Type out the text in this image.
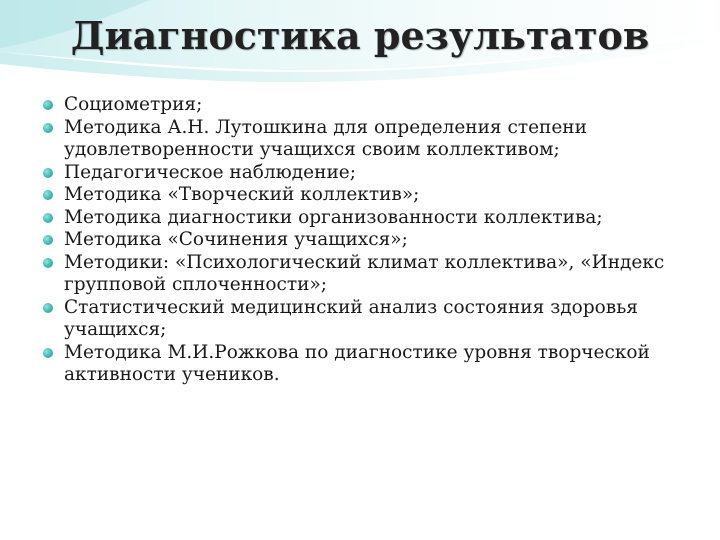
Диагностика результатов
Социометрия;
Методика А.Н. Лутошкина для определения степени удовлетворенности учащихся своим коллективом;
Педагогическое наблюдение;
Методика «Творческий коллектив»;
Методика диагностики организованности коллектива;
Методика «Сочинения учащихся»;
Методики: «Психологический климат коллектива», «Индекс групповой сплоченности»;
Статистический медицинский анализ состояния здоровья учащихся;
Методика М.И.Рожкова по диагностике уровня творческой активности учеников.
